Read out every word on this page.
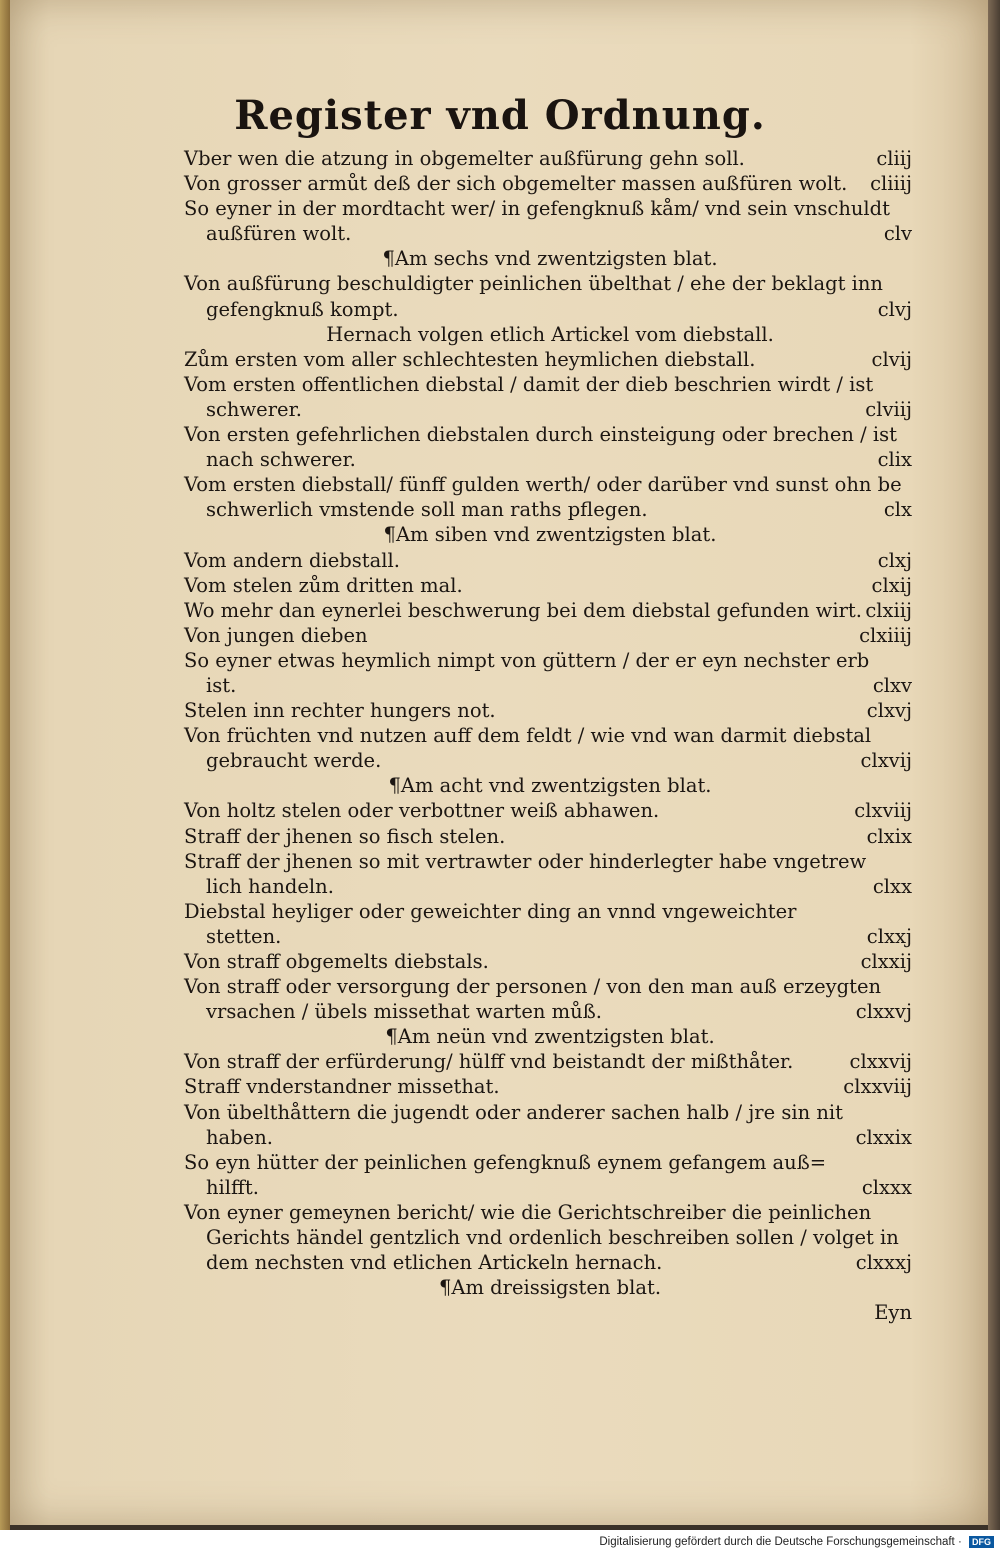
Register vnd Ordnung.
Vber wen die atzung in obgemelter außfürung gehn soll.	cliij
Von grosser armůt deß der sich obgemelter massen außfüren wolt. cliiij
So eyner in der mordtacht wer/ in gefengknuß kåm/ vnd sein vnschuldt
außfüren wolt.	clv
¶ Am sechs vnd zwentzigsten blat.
Von außfürung beschuldigter peinlichen übelthat / ehe der beklagt inn
gefengknuß kompt.	clvj
Hernach volgen etlich Artickel vom diebstall.
Zům ersten vom aller schlechtesten heymlichen diebstall.	clvij
Vom ersten offentlichen diebstal / damit der dieb beschrien wirdt / ist
schwerer.	clviij
Von ersten gefehrlichen diebstalen durch einsteigung oder brechen / ist
nach schwerer.	clix
Vom ersten diebstall/ fünff gulden werth/ oder darüber vnd sunst ohn be
schwerlich vmstende soll man raths pflegen.	clx
¶ Am siben vnd zwentzigsten blat.
Vom andern diebstall.	clxj
Vom stelen zům dritten mal.	clxij
Wo mehr dan eynerlei beschwerung bei dem diebstal gefunden wirt. clxiij
Von jungen dieben	clxiiij
So eyner etwas heymlich nimpt von güttern / der er eyn nechster erb
ist.	clxv
Stelen inn rechter hungers not.	clxvj
Von früchten vnd nutzen auff dem feldt / wie vnd wan darmit diebstal
gebraucht werde.	clxvij
¶ Am acht vnd zwentzigsten blat.
Von holtz stelen oder verbottner weiß abhawen.	clxviij
Straff der jhenen so fisch stelen.	clxix
Straff der jhenen so mit vertrawter oder hinderlegter habe vngetrew
lich handeln.	clxx
Diebstal heyliger oder geweichter ding an vnnd vngeweichter
stetten.	clxxj
Von straff obgemelts diebstals.	clxxij
Von straff oder versorgung der personen / von den man auß erzeygten
vrsachen / übels missethat warten můß.	clxxvj
¶ Am neün vnd zwentzigsten blat.
Von straff der erfürderung/ hülff vnd beistandt der mißthåter.	clxxvij
Straff vnderstandner missethat.	clxxviij
Von übelthåttern die jugendt oder anderer sachen halb / jre sin nit
haben.	clxxix
So eyn hütter der peinlichen gefengknuß eynem gefangem auß=
hilfft.	clxxx
Von eyner gemeynen bericht/ wie die Gerichtschreiber die peinlichen
Gerichts händel gentzlich vnd ordenlich beschreiben sollen / volget in
dem nechsten vnd etlichen Artickeln hernach.	clxxxj
¶ Am dreissigsten blat.
Eyn
Digitalisierung gefördert durch die Deutsche Forschungsgemeinschaft · DFG
